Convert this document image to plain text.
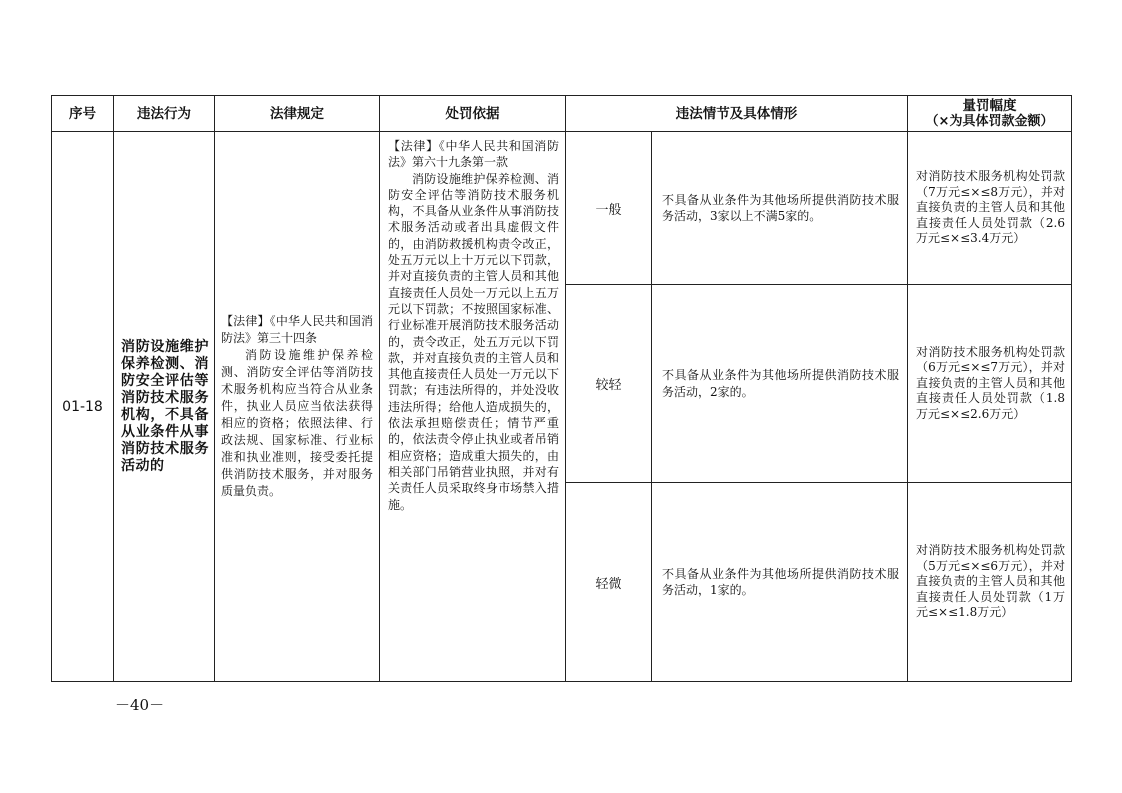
序号	违法行为	法律规定	处罚依据	违法情节及具体情形		量罚幅度
（×为具体罚款金额）

01-18	消防设施维护保养检测、消防安全评估等消防技术服务机构，不具备从业条件从事消防技术服务活动的	【法律】《中华人民共和国消防法》第三十四条
消防设施维护保养检测、消防安全评估等消防技术服务机构应当符合从业条件，执业人员应当依法获得相应的资格；依照法律、行政法规、国家标准、行业标准和执业准则，接受委托提供消防技术服务，并对服务质量负责。	【法律】《中华人民共和国消防法》第六十九条第一款
消防设施维护保养检测、消防安全评估等消防技术服务机构，不具备从业条件从事消防技术服务活动或者出具虚假文件的，由消防救援机构责令改正，处五万元以上十万元以下罚款，并对直接负责的主管人员和其他直接责任人员处一万元以上五万元以下罚款；不按照国家标准、行业标准开展消防技术服务活动的，责令改正，处五万元以下罚款，并对直接负责的主管人员和其他直接责任人员处一万元以下罚款；有违法所得的，并处没收违法所得；给他人造成损失的，依法承担赔偿责任；情节严重的，依法责令停止执业或者吊销相应资格；造成重大损失的，由相关部门吊销营业执照，并对有关责任人员采取终身市场禁入措施。	一般	不具备从业条件为其他场所提供消防技术服务活动，3家以上不满5家的。	对消防技术服务机构处罚款（7万元≤×≤8万元），并对直接负责的主管人员和其他直接责任人员处罚款（2.6万元≤×≤3.4万元）
				较轻	不具备从业条件为其他场所提供消防技术服务活动，2家的。	对消防技术服务机构处罚款（6万元≤×≤7万元），并对直接负责的主管人员和其他直接责任人员处罚款（1.8万元≤×≤2.6万元）
				轻微	不具备从业条件为其他场所提供消防技术服务活动，1家的。	对消防技术服务机构处罚款（5万元≤×≤6万元），并对直接负责的主管人员和其他直接责任人员处罚款（1万元≤×≤1.8万元）
－40－
